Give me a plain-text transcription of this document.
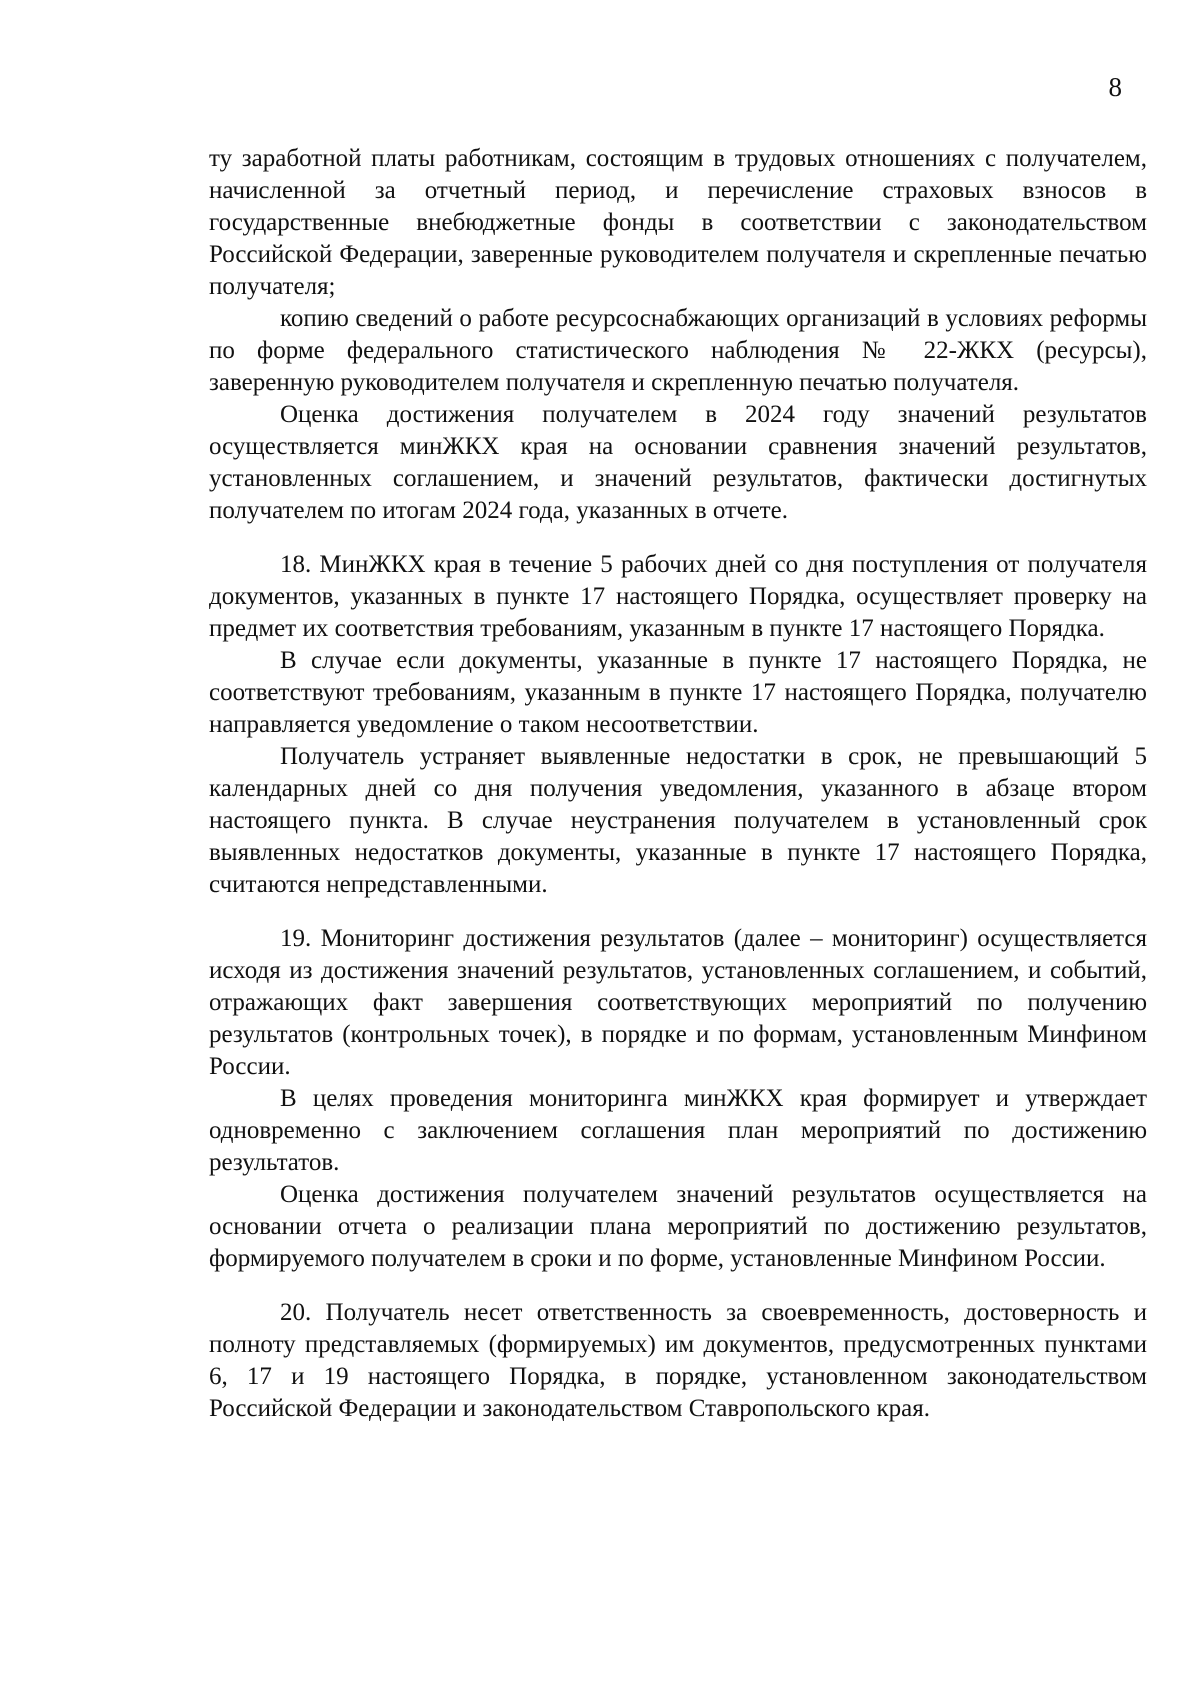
8

ту заработной платы работникам, состоящим в трудовых отношениях с получателем, начисленной за отчетный период, и перечисление страховых взносов в государственные внебюджетные фонды в соответствии с законодательством Российской Федерации, заверенные руководителем получателя и скрепленные печатью получателя;

копию сведений о работе ресурсоснабжающих организаций в условиях реформы по форме федерального статистического наблюдения № 22-ЖКХ (ресурсы), заверенную руководителем получателя и скрепленную печатью получателя.

Оценка достижения получателем в 2024 году значений результатов осуществляется минЖКХ края на основании сравнения значений результатов, установленных соглашением, и значений результатов, фактически достигнутых получателем по итогам 2024 года, указанных в отчете.

18. МинЖКХ края в течение 5 рабочих дней со дня поступления от получателя документов, указанных в пункте 17 настоящего Порядка, осуществляет проверку на предмет их соответствия требованиям, указанным в пункте 17 настоящего Порядка.

В случае если документы, указанные в пункте 17 настоящего Порядка, не соответствуют требованиям, указанным в пункте 17 настоящего Порядка, получателю направляется уведомление о таком несоответствии.

Получатель устраняет выявленные недостатки в срок, не превышающий 5 календарных дней со дня получения уведомления, указанного в абзаце втором настоящего пункта. В случае неустранения получателем в установленный срок выявленных недостатков документы, указанные в пункте 17 настоящего Порядка, считаются непредставленными.

19. Мониторинг достижения результатов (далее – мониторинг) осуществляется исходя из достижения значений результатов, установленных соглашением, и событий, отражающих факт завершения соответствующих мероприятий по получению результатов (контрольных точек), в порядке и по формам, установленным Минфином России.

В целях проведения мониторинга минЖКХ края формирует и утверждает одновременно с заключением соглашения план мероприятий по достижению результатов.

Оценка достижения получателем значений результатов осуществляется на основании отчета о реализации плана мероприятий по достижению результатов, формируемого получателем в сроки и по форме, установленные Минфином России.

20. Получатель несет ответственность за своевременность, достоверность и полноту представляемых (формируемых) им документов, предусмотренных пунктами 6, 17 и 19 настоящего Порядка, в порядке, установленном законодательством Российской Федерации и законодательством Ставропольского края.
